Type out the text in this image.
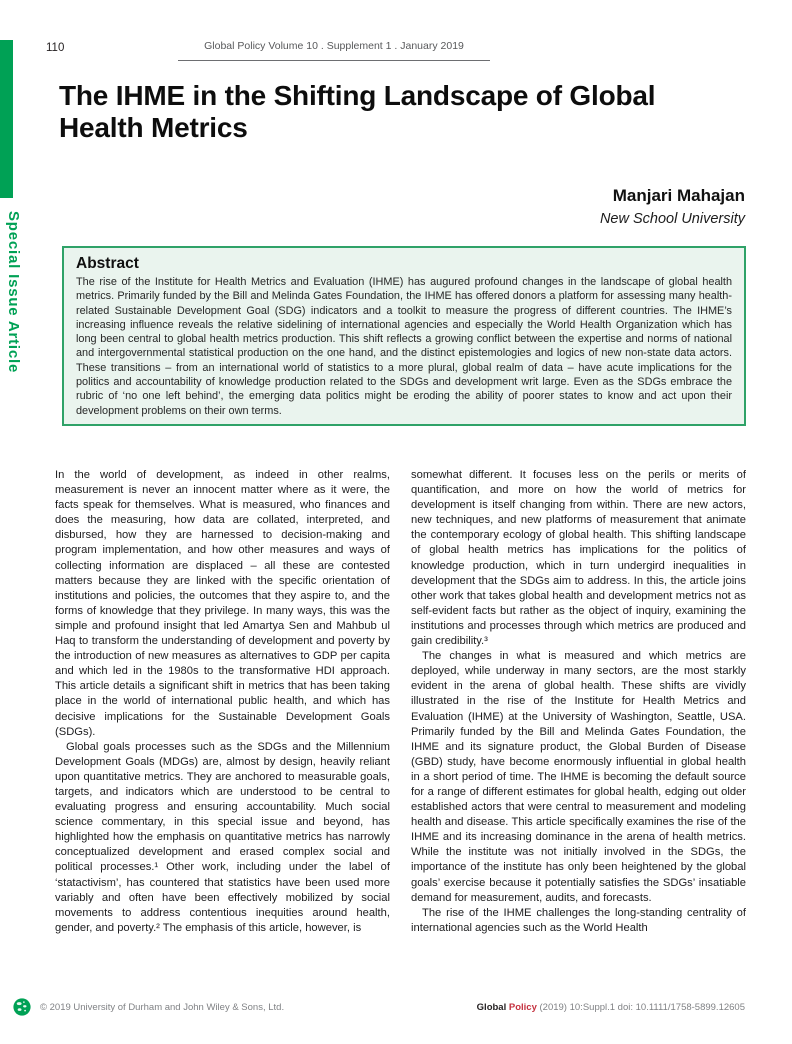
Special Issue Article
110	Global Policy Volume 10 . Supplement 1 . January 2019
The IHME in the Shifting Landscape of Global
Health Metrics
Manjari Mahajan
New School University
Abstract
The rise of the Institute for Health Metrics and Evaluation (IHME) has augured profound changes in the landscape of global health metrics. Primarily funded by the Bill and Melinda Gates Foundation, the IHME has offered donors a platform for assessing many health-related Sustainable Development Goal (SDG) indicators and a toolkit to measure the progress of different countries. The IHME’s increasing influence reveals the relative sidelining of international agencies and especially the World Health Organization which has long been central to global health metrics production. This shift reflects a growing conflict between the expertise and norms of national and intergovernmental statistical production on the one hand, and the distinct epistemologies and logics of new non-state data actors. These transitions – from an international world of statistics to a more plural, global realm of data – have acute implications for the politics and accountability of knowledge production related to the SDGs and development writ large. Even as the SDGs embrace the rubric of ‘no one left behind’, the emerging data politics might be eroding the ability of poorer states to know and act upon their development problems on their own terms.

In the world of development, as indeed in other realms, measurement is never an innocent matter where as it were, the facts speak for themselves. What is measured, who finances and does the measuring, how data are collated, interpreted, and disbursed, how they are harnessed to decision-making and program implementation, and how other measures and ways of collecting information are displaced – all these are contested matters because they are linked with the specific orientation of institutions and policies, the outcomes that they aspire to, and the forms of knowledge that they privilege. In many ways, this was the simple and profound insight that led Amartya Sen and Mahbub ul Haq to transform the understanding of development and poverty by the introduction of new measures as alternatives to GDP per capita and which led in the 1980s to the transformative HDI approach. This article details a significant shift in metrics that has been taking place in the world of international public health, and which has decisive implications for the Sustainable Development Goals (SDGs).

Global goals processes such as the SDGs and the Millennium Development Goals (MDGs) are, almost by design, heavily reliant upon quantitative metrics. They are anchored to measurable goals, targets, and indicators which are understood to be central to evaluating progress and ensuring accountability. Much social science commentary, in this special issue and beyond, has highlighted how the emphasis on quantitative metrics has narrowly conceptualized development and erased complex social and political processes.¹ Other work, including under the label of ‘statactivism’, has countered that statistics have been used more variably and often have been effectively mobilized by social movements to address contentious inequities around health, gender, and poverty.² The emphasis of this article, however, is

somewhat different. It focuses less on the perils or merits of quantification, and more on how the world of metrics for development is itself changing from within. There are new actors, new techniques, and new platforms of measurement that animate the contemporary ecology of global health. This shifting landscape of global health metrics has implications for the politics of knowledge production, which in turn undergird inequalities in development that the SDGs aim to address. In this, the article joins other work that takes global health and development metrics not as self-evident facts but rather as the object of inquiry, examining the institutions and processes through which metrics are produced and gain credibility.³

The changes in what is measured and which metrics are deployed, while underway in many sectors, are the most starkly evident in the arena of global health. These shifts are vividly illustrated in the rise of the Institute for Health Metrics and Evaluation (IHME) at the University of Washington, Seattle, USA. Primarily funded by the Bill and Melinda Gates Foundation, the IHME and its signature product, the Global Burden of Disease (GBD) study, have become enormously influential in global health in a short period of time. The IHME is becoming the default source for a range of different estimates for global health, edging out older established actors that were central to measurement and modeling health and disease. This article specifically examines the rise of the IHME and its increasing dominance in the arena of health metrics. While the institute was not initially involved in the SDGs, the importance of the institute has only been heightened by the global goals’ exercise because it potentially satisfies the SDGs’ insatiable demand for measurement, audits, and forecasts.

The rise of the IHME challenges the long-standing centrality of international agencies such as the World Health

© 2019 University of Durham and John Wiley & Sons, Ltd.	Global Policy (2019) 10:Suppl.1 doi: 10.1111/1758-5899.12605
